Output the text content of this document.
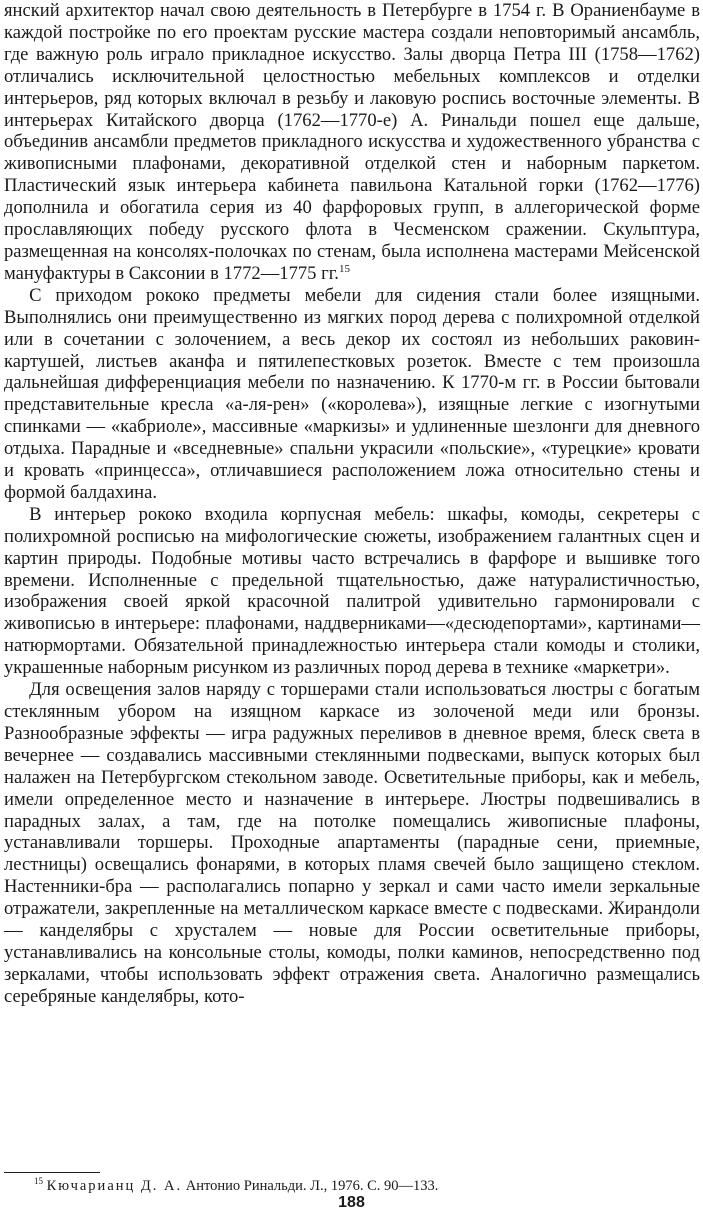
янский архитектор начал свою деятельность в Петербурге в 1754 г. В Ораниенбауме в каждой постройке по его проектам русские мастера создали неповторимый ансамбль, где важную роль играло прикладное искусство. Залы дворца Петра III (1758—1762) отличались исключительной целостностью мебельных комплексов и отделки интерьеров, ряд которых включал в резьбу и лаковую роспись восточные элементы. В интерьерах Китайского дворца (1762—1770-е) А. Ринальди пошел еще дальше, объединив ансамбли предметов прикладного искусства и художественного убранства с живописными плафонами, декоративной отделкой стен и наборным паркетом. Пластический язык интерьера кабинета павильона Катальной горки (1762—1776) дополнила и обогатила серия из 40 фарфоровых групп, в аллегорической форме прославляющих победу русского флота в Чесменском сражении. Скульптура, размещенная на консолях-полочках по стенам, была исполнена мастерами Мейсенской мануфактуры в Саксонии в 1772—1775 гг.$^{15}$

С приходом рококо предметы мебели для сидения стали более изящными. Выполнялись они преимущественно из мягких пород дерева с полихромной отделкой или в сочетании с золочением, а весь декор их состоял из небольших раковин-картушей, листьев аканфа и пятилепестковых розеток. Вместе с тем произошла дальнейшая дифференциация мебели по назначению. К 1770-м гг. в России бытовали представительные кресла «а-ля-рен» («королева»), изящные легкие с изогнутыми спинками — «кабриоле», массивные «маркизы» и удлиненные шезлонги для дневного отдыха. Парадные и «вседневные» спальни украсили «польские», «турецкие» кровати и кровать «принцесса», отличавшиеся расположением ложа относительно стены и формой балдахина.

В интерьер рококо входила корпусная мебель: шкафы, комоды, секретеры с полихромной росписью на мифологические сюжеты, изображением галантных сцен и картин природы. Подобные мотивы часто встречались в фарфоре и вышивке того времени. Исполненные с предельной тщательностью, даже натуралистичностью, изображения своей яркой красочной палитрой удивительно гармонировали с живописью в интерьере: плафонами, наддверниками—«десюдепортами», картинами—натюрмортами. Обязательной принадлежностью интерьера стали комоды и столики, украшенные наборным рисунком из различных пород дерева в технике «маркетри».

Для освещения залов наряду с торшерами стали использоваться люстры с богатым стеклянным убором на изящном каркасе из золоченой меди или бронзы. Разнообразные эффекты — игра радужных переливов в дневное время, блеск света в вечернее — создавались массивными стеклянными подвесками, выпуск которых был налажен на Петербургском стекольном заводе. Осветительные приборы, как и мебель, имели определенное место и назначение в интерьере. Люстры подвешивались в парадных залах, а там, где на потолке помещались живописные плафоны, устанавливали торшеры. Проходные апартаменты (парадные сени, приемные, лестницы) освещались фонарями, в которых пламя свечей было защищено стеклом. Настенники-бра — располагались попарно у зеркал и сами часто имели зеркальные отражатели, закрепленные на металлическом каркасе вместе с подвесками. Жирандоли — канделябры с хрусталем — новые для России осветительные приборы, устанавливались на консольные столы, комоды, полки каминов, непосредственно под зеркалами, чтобы использовать эффект отражения света. Аналогично размещались серебряные канделябры, кото-

$^{15}$ Кючарианц Д. А. Антонио Ринальди. Л., 1976. С. 90—133.
188
